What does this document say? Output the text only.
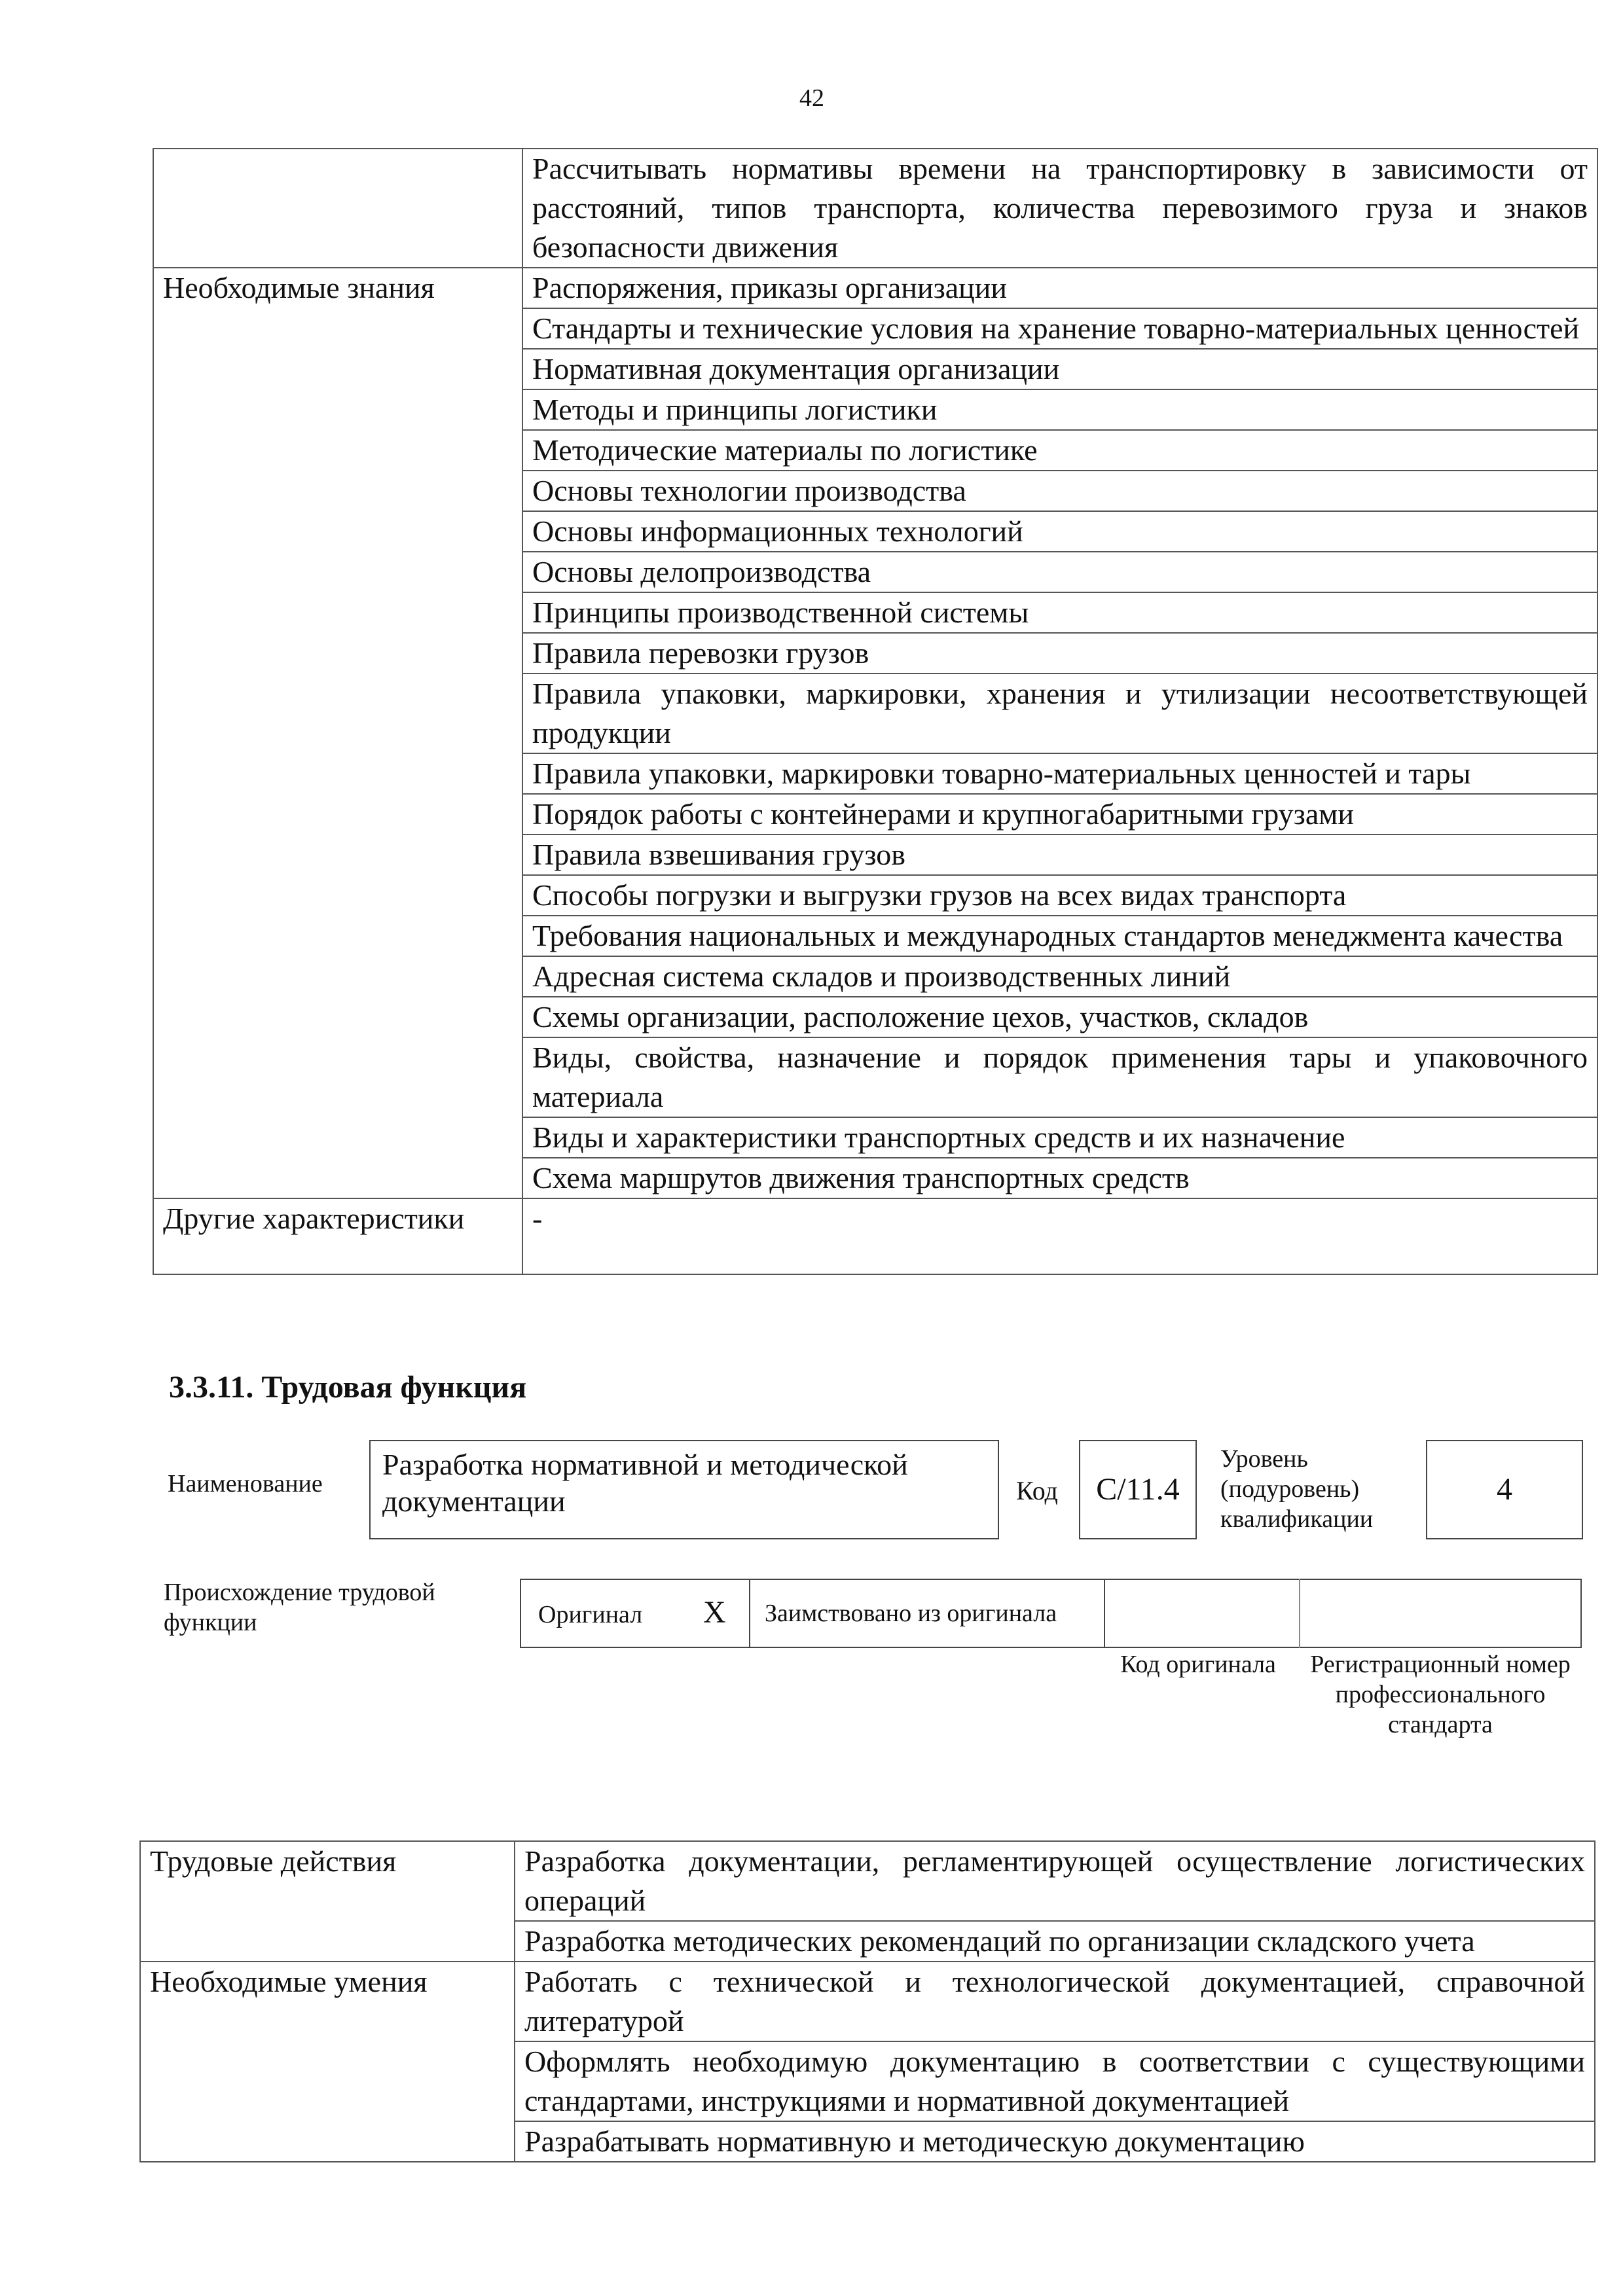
42
	Рассчитывать нормативы времени на транспортировку в зависимости от расстояний, типов транспорта, количества перевозимого груза и знаков безопасности движения
Необходимые знания	Распоряжения, приказы организации
	Стандарты и технические условия на хранение товарно-материальных ценностей
	Нормативная документация организации
	Методы и принципы логистики
	Методические материалы по логистике
	Основы технологии производства
	Основы информационных технологий
	Основы делопроизводства
	Принципы производственной системы
	Правила перевозки грузов
	Правила упаковки, маркировки, хранения и утилизации несоответствующей продукции
	Правила упаковки, маркировки товарно-материальных ценностей и тары
	Порядок работы с контейнерами и крупногабаритными грузами
	Правила взвешивания грузов
	Способы погрузки и выгрузки грузов на всех видах транспорта
	Требования национальных и международных стандартов менеджмента качества
	Адресная система складов и производственных линий
	Схемы организации, расположение цехов, участков, складов
	Виды, свойства, назначение и порядок применения тары и упаковочного материала
	Виды и характеристики транспортных средств и их назначение
	Схема маршрутов движения транспортных средств
Другие характеристики	-
3.3.11. Трудовая функция
Наименование
Разработка нормативной и методической документации	Код	C/11.4
Уровень (подуровень) квалификации
4
Происхождение трудовой функции	Оригинал X Заимствовано из оригинала
Код оригинала Регистрационный номер профессионального стандарта
Трудовые действия	Разработка документации, регламентирующей осуществление логистических операций
	Разработка методических рекомендаций по организации складского учета
Необходимые умения	Работать с технической и технологической документацией, справочной литературой
	Оформлять необходимую документацию в соответствии с существующими стандартами, инструкциями и нормативной документацией
	Разрабатывать нормативную и методическую документацию
